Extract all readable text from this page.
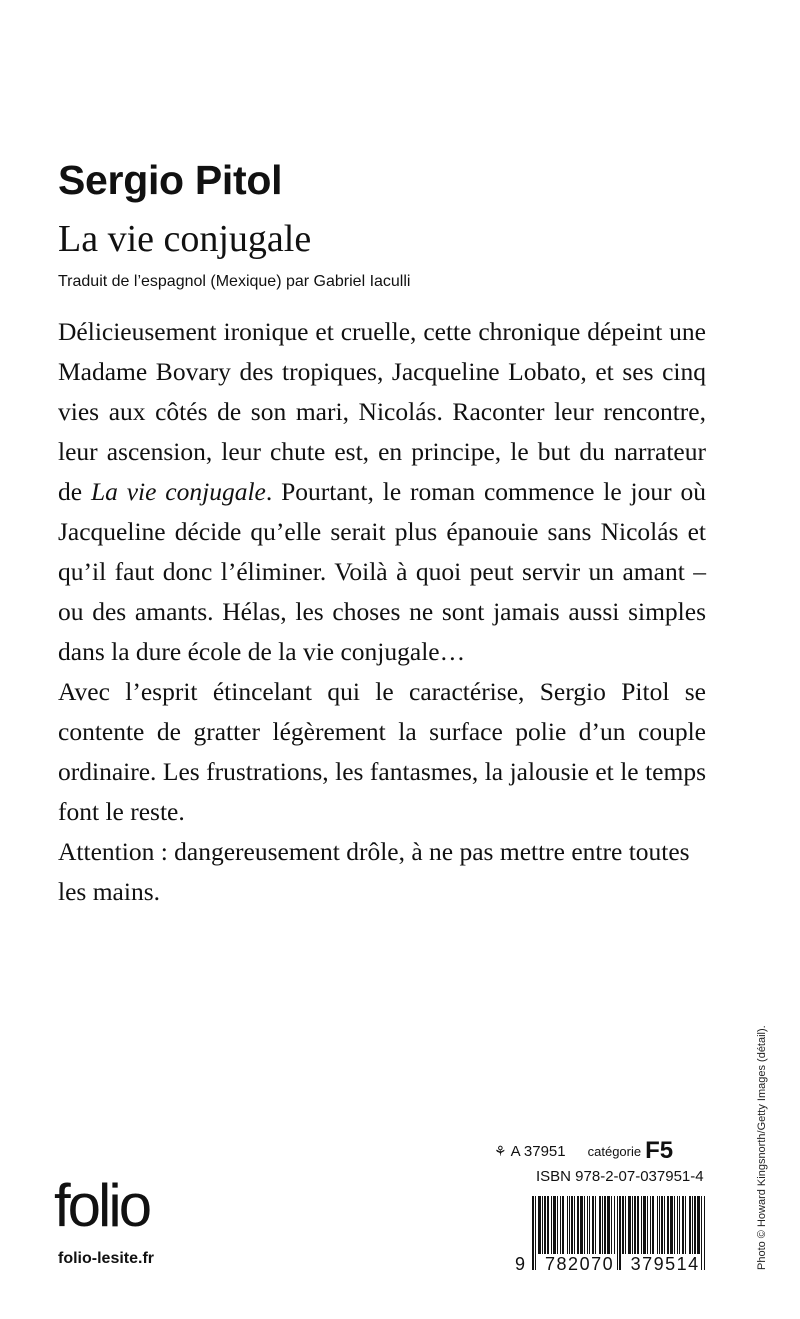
Sergio Pitol
La vie conjugale
Traduit de l’espagnol (Mexique) par Gabriel Iaculli

Délicieusement ironique et cruelle, cette chronique dépeint une Madame Bovary des tropiques, Jacqueline Lobato, et ses cinq vies aux côtés de son mari, Nicolás. Raconter leur rencontre, leur ascension, leur chute est, en principe, le but du narrateur de La vie conjugale. Pourtant, le roman commence le jour où Jacqueline décide qu’elle serait plus épanouie sans Nicolás et qu’il faut donc l’éliminer. Voilà à quoi peut servir un amant – ou des amants. Hélas, les choses ne sont jamais aussi simples dans la dure école de la vie conjugale…

Avec l’esprit étincelant qui le caractérise, Sergio Pitol se contente de gratter légèrement la surface polie d’un couple ordinaire. Les frustrations, les fantasmes, la jalousie et le temps font le reste.

Attention : dangereusement drôle, à ne pas mettre entre toutes les mains.

Photo © Howard Kingsnorth/Getty Images (détail).
⚘ A 37951 catégorie F5
ISBN 978-2-07-037951-4
9 782070 379514
folio
folio-lesite.fr
